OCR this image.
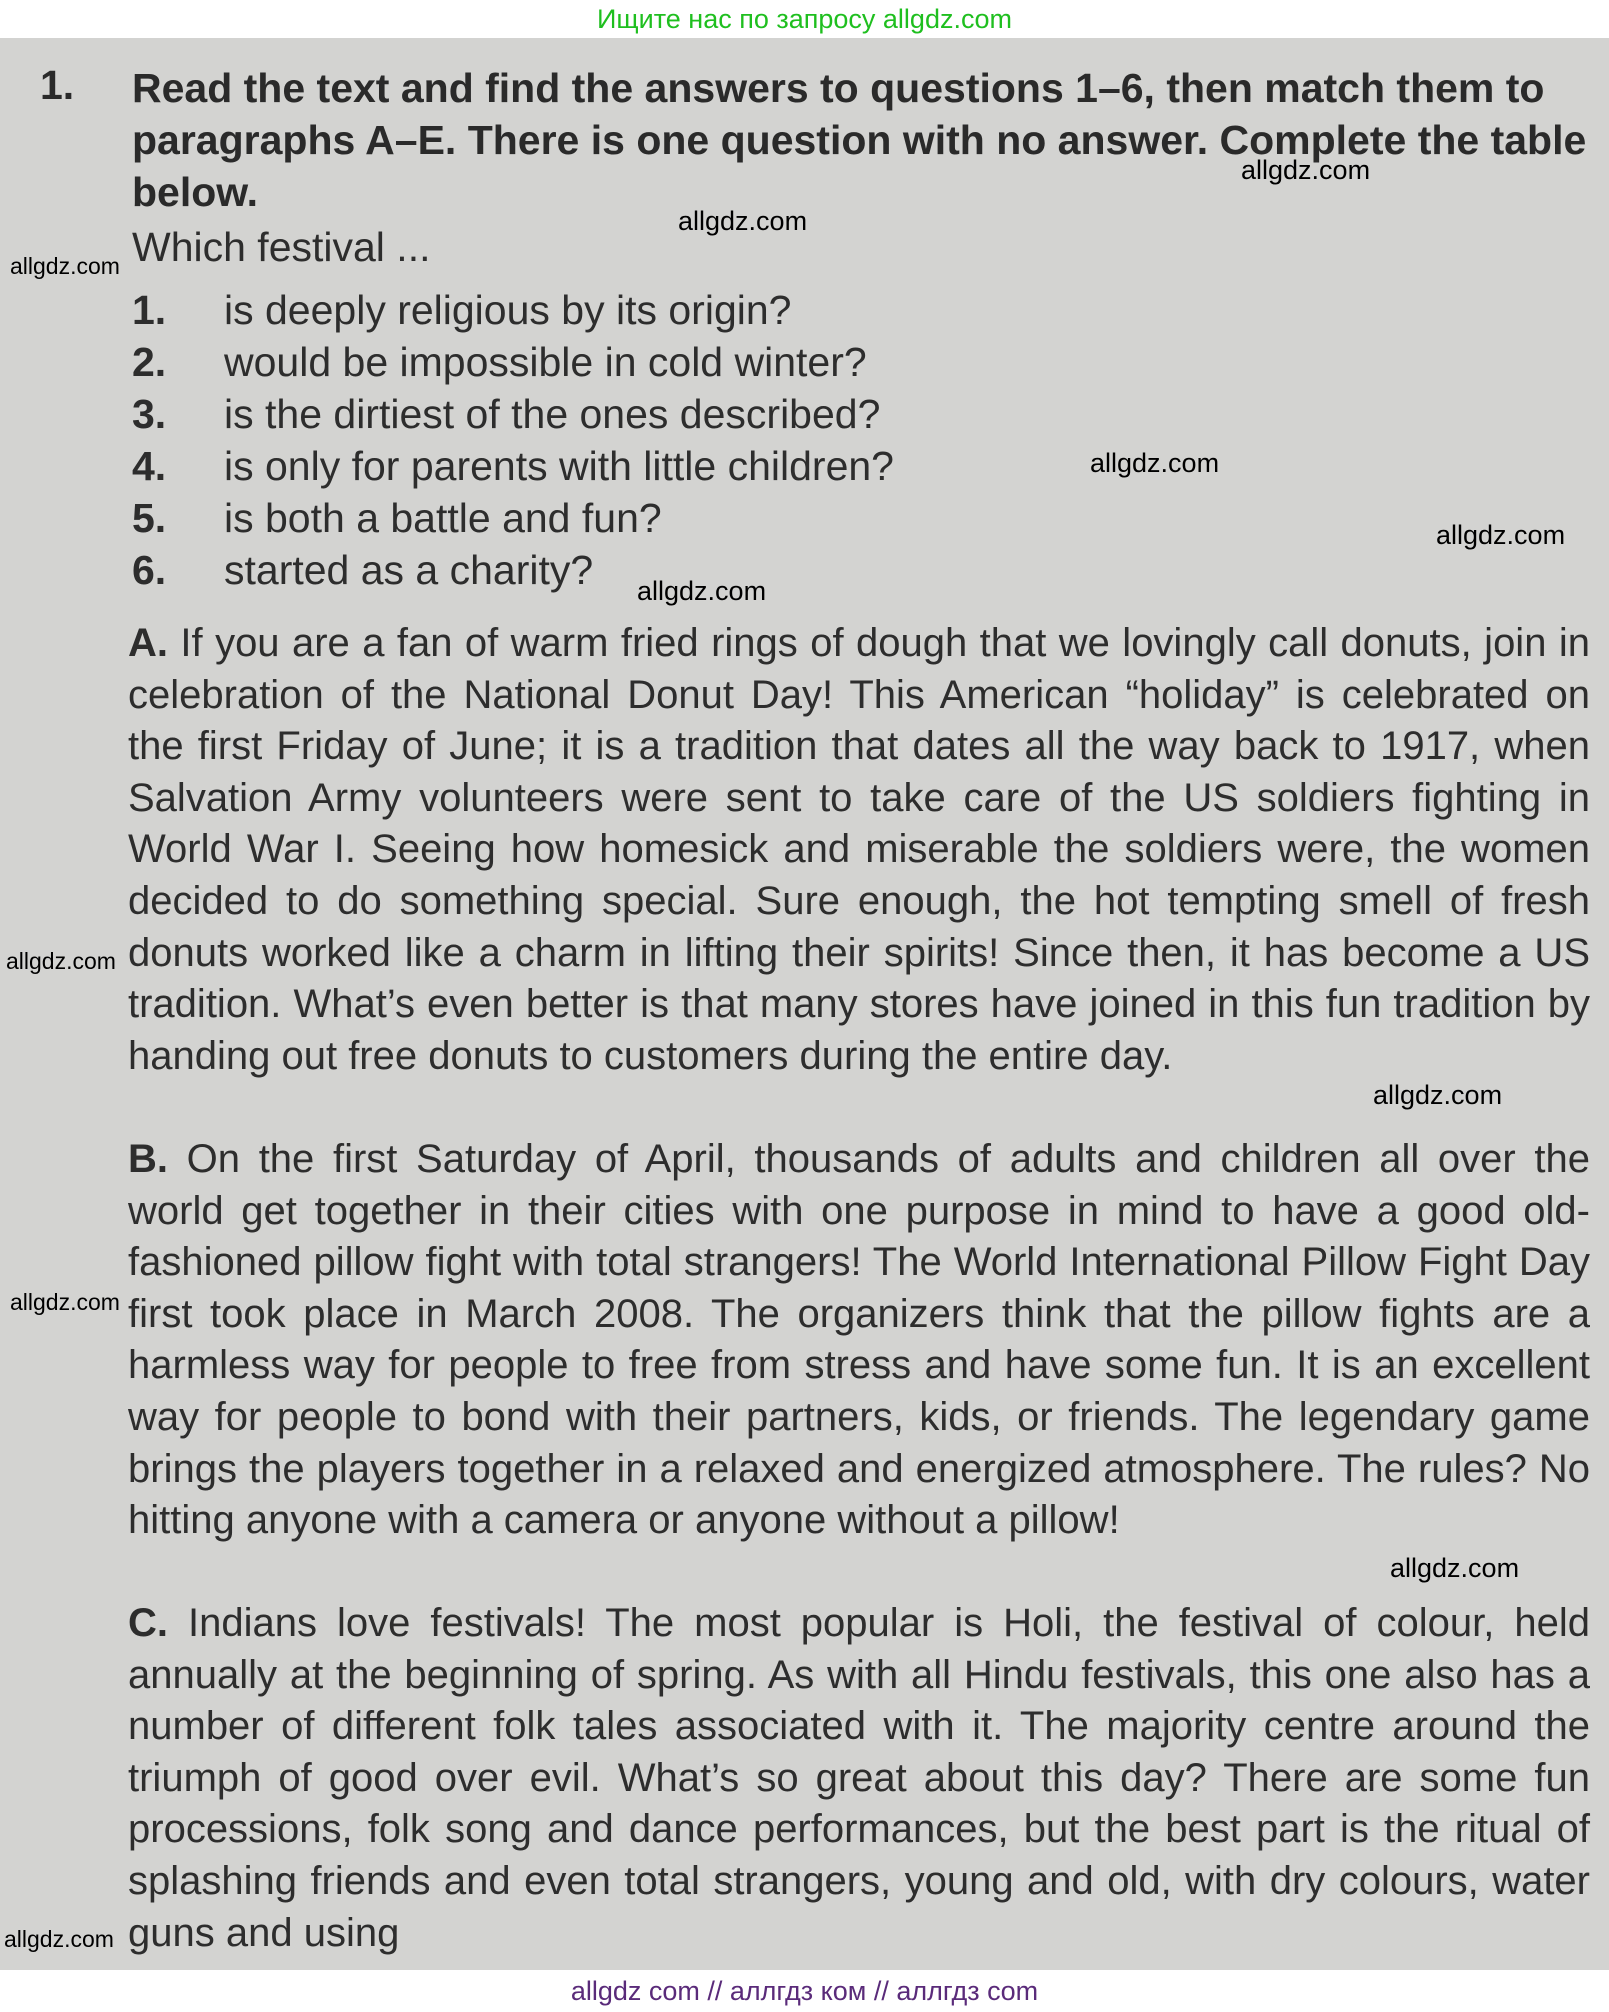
Ищите нас по запросу allgdz.com
1. Read the text and find the answers to questions 1–6, then match them to paragraphs A–E. There is one question with no answer. Complete the table below.
Which festival ...
1. is deeply religious by its origin?
2. would be impossible in cold winter?
3. is the dirtiest of the ones described?
4. is only for parents with little children?
5. is both a battle and fun?
6. started as a charity?
A. If you are a fan of warm fried rings of dough that we lovingly call donuts, join in celebration of the National Donut Day! This American “holiday” is celebrated on the first Friday of June; it is a tradition that dates all the way back to 1917, when Salvation Army volunteers were sent to take care of the US soldiers fighting in World War I. Seeing how homesick and miserable the soldiers were, the women decided to do something special. Sure enough, the hot tempting smell of fresh donuts worked like a charm in lifting their spirits! Since then, it has become a US tradition. What’s even better is that many stores have joined in this fun tradition by handing out free donuts to customers during the entire day.
B. On the first Saturday of April, thousands of adults and children all over the world get together in their cities with one purpose in mind to have a good old-fashioned pillow fight with total strangers! The World International Pillow Fight Day first took place in March 2008. The organizers think that the pillow fights are a harmless way for people to free from stress and have some fun. It is an excellent way for people to bond with their partners, kids, or friends. The legendary game brings the players together in a relaxed and energized atmosphere. The rules? No hitting anyone with a camera or anyone without a pillow!
C. Indians love festivals! The most popular is Holi, the festival of colour, held annually at the beginning of spring. As with all Hindu festivals, this one also has a number of different folk tales associated with it. The majority centre around the triumph of good over evil. What’s so great about this day? There are some fun processions, folk song and dance performances, but the best part is the ritual of splashing friends and even total strangers, young and old, with dry colours, water guns and using
allgdz.com
allgdz.com
allgdz.com
allgdz.com
allgdz.com
allgdz.com
allgdz.com
allgdz.com
allgdz.com
allgdz.com
allgdz.com
allgdz com // аллгдз ком // аллгдз com
